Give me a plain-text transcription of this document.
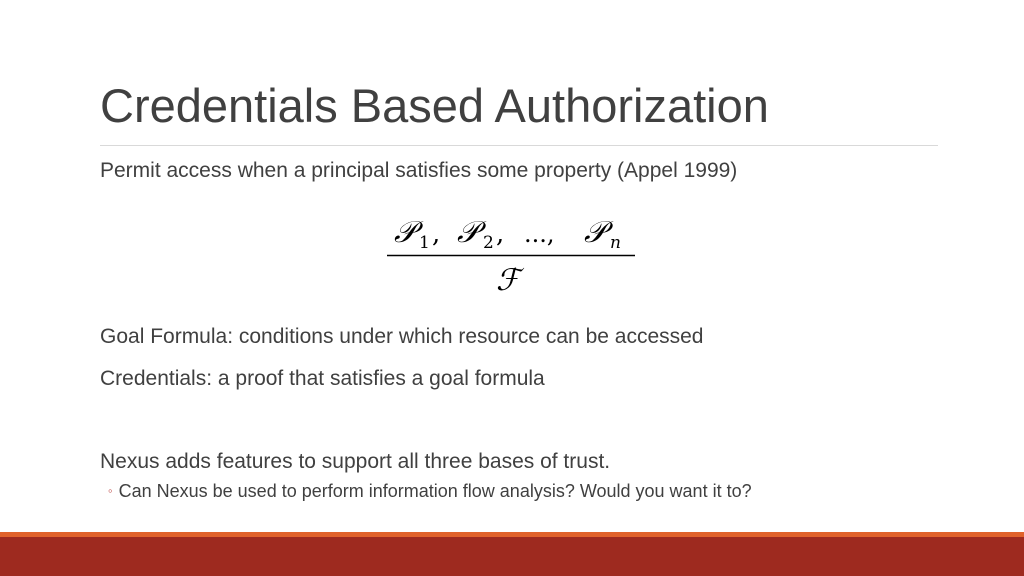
Credentials Based Authorization
Permit access when a principal satisfies some property (Appel 1999)
𝒫 1 , 𝒫 2 , ..., 𝒫 n
ℱ
Goal Formula: conditions under which resource can be accessed
Credentials: a proof that satisfies a goal formula
Nexus adds features to support all three bases of trust.
◦ Can Nexus be used to perform information flow analysis? Would you want it to?
